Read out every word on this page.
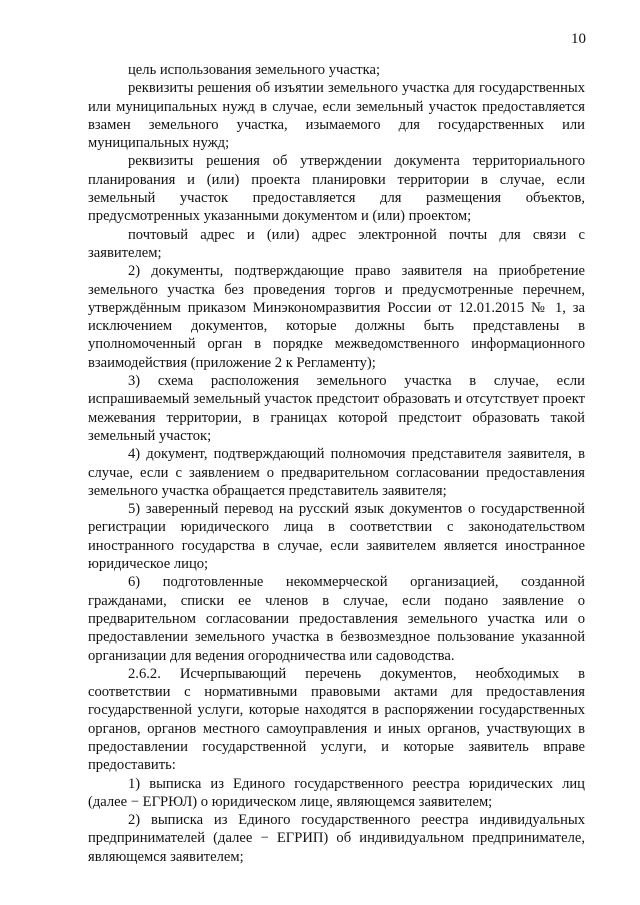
10

цель использования земельного участка;

реквизиты решения об изъятии земельного участка для государственных или муниципальных нужд в случае, если земельный участок предоставляется взамен земельного участка, изымаемого для государственных или муниципальных нужд;

реквизиты решения об утверждении документа территориального планирования и (или) проекта планировки территории в случае, если земельный участок предоставляется для размещения объектов, предусмотренных указанными документом и (или) проектом;

почтовый адрес и (или) адрес электронной почты для связи с заявителем;

2) документы, подтверждающие право заявителя на приобретение земельного участка без проведения торгов и предусмотренные перечнем, утверждённым приказом Минэкономразвития России от 12.01.2015 № 1, за исключением документов, которые должны быть представлены в уполномоченный орган в порядке межведомственного информационного взаимодействия (приложение 2 к Регламенту);

3) схема расположения земельного участка в случае, если испрашиваемый земельный участок предстоит образовать и отсутствует проект межевания территории, в границах которой предстоит образовать такой земельный участок;

4) документ, подтверждающий полномочия представителя заявителя, в случае, если с заявлением о предварительном согласовании предоставления земельного участка обращается представитель заявителя;

5) заверенный перевод на русский язык документов о государственной регистрации юридического лица в соответствии с законодательством иностранного государства в случае, если заявителем является иностранное юридическое лицо;

6) подготовленные некоммерческой организацией, созданной гражданами, списки ее членов в случае, если подано заявление о предварительном согласовании предоставления земельного участка или о предоставлении земельного участка в безвозмездное пользование указанной организации для ведения огородничества или садоводства.

2.6.2. Исчерпывающий перечень документов, необходимых в соответствии с нормативными правовыми актами для предоставления государственной услуги, которые находятся в распоряжении государственных органов, органов местного самоуправления и иных органов, участвующих в предоставлении государственной услуги, и которые заявитель вправе предоставить:

1) выписка из Единого государственного реестра юридических лиц (далее − ЕГРЮЛ) о юридическом лице, являющемся заявителем;

2) выписка из Единого государственного реестра индивидуальных предпринимателей (далее − ЕГРИП) об индивидуальном предпринимателе, являющемся заявителем;
